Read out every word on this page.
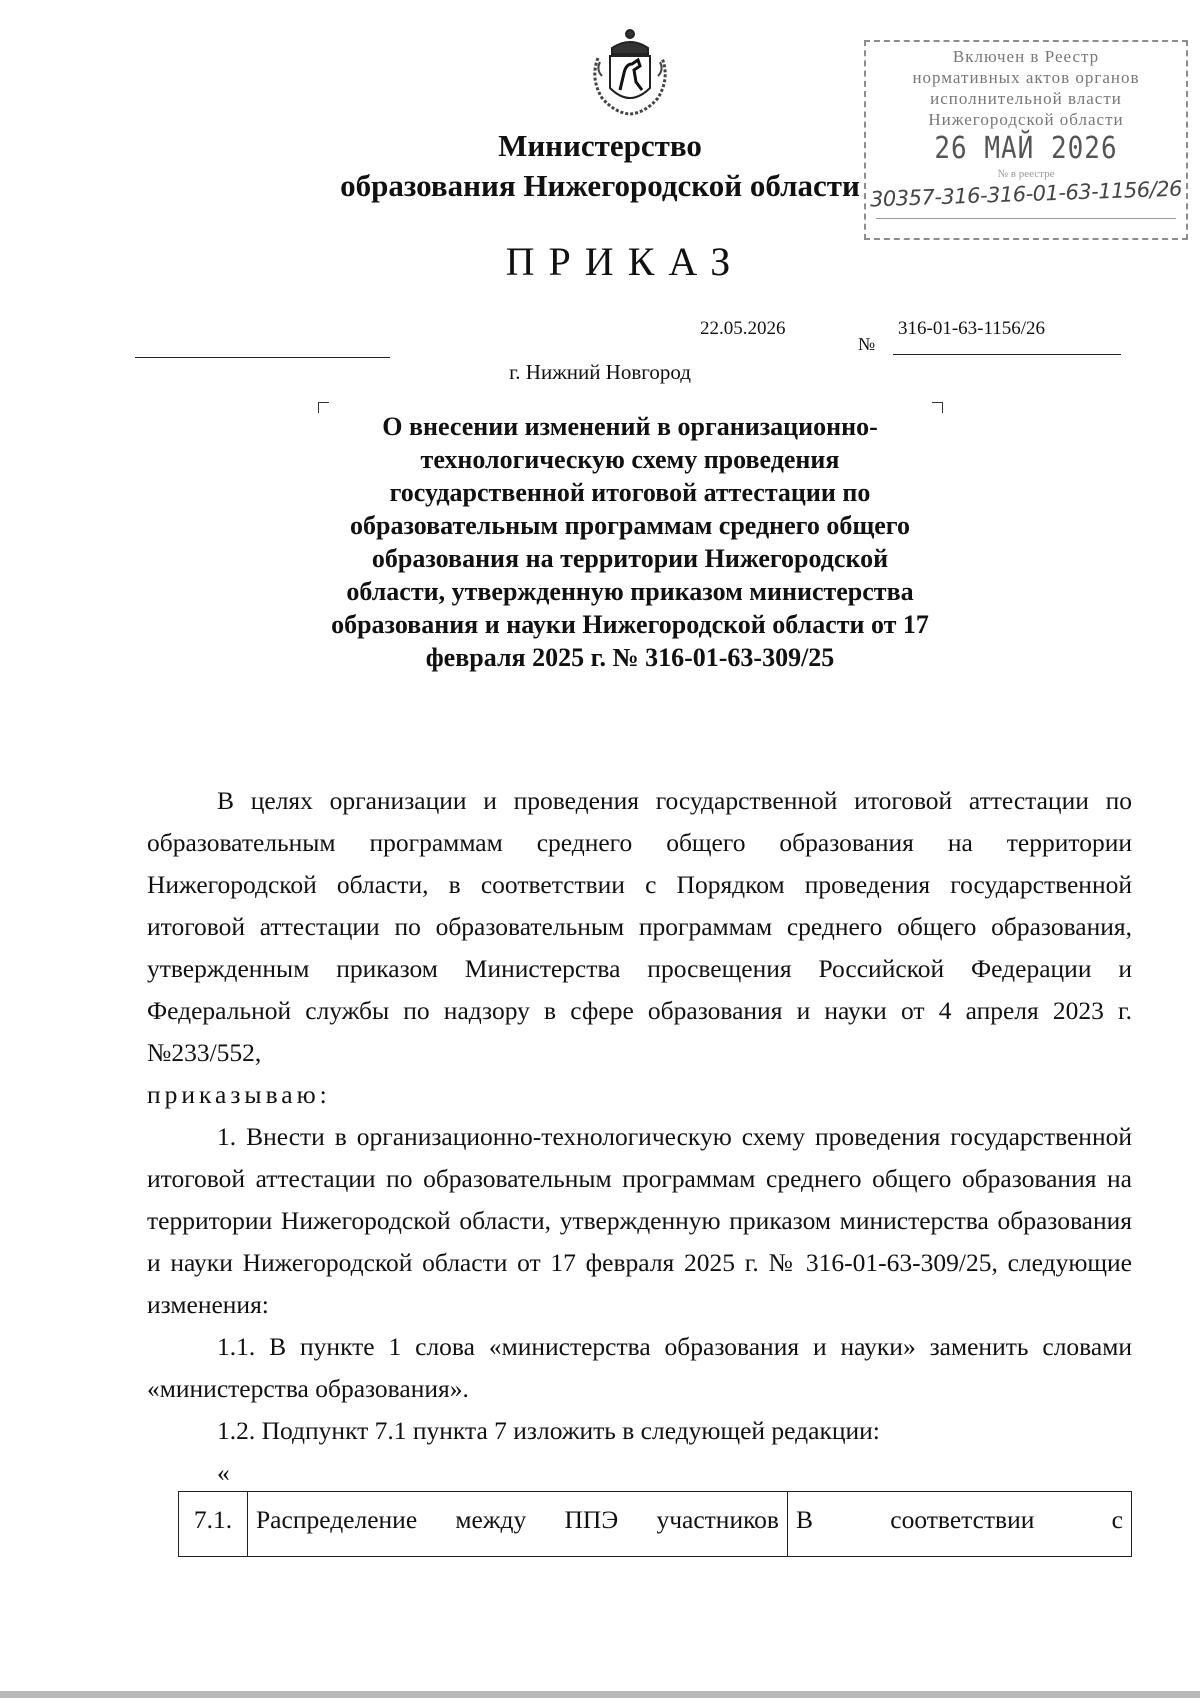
Включен в Реестр
нормативных актов органов
исполнительной власти
Нижегородской области
26 МАЙ 2026
№ в реестре
30357-316-316-01-63-1156/26
Министерство
образования Нижегородской области
ПРИКАЗ
22.05.2026
№
316-01-63-1156/26
г. Нижний Новгород
О внесении изменений в организационно-технологическую схему проведения государственной итоговой аттестации по образовательным программам среднего общего образования на территории Нижегородской области, утвержденную приказом министерства образования и науки Нижегородской области от 17 февраля 2025 г. № 316-01-63-309/25

В целях организации и проведения государственной итоговой аттестации по образовательным программам среднего общего образования на территории Нижегородской области, в соответствии с Порядком проведения государственной итоговой аттестации по образовательным программам среднего общего образования, утвержденным приказом Министерства просвещения Российской Федерации и Федеральной службы по надзору в сфере образования и науки от 4 апреля 2023 г. №233/552,

приказываю:

1. Внести в организационно-технологическую схему проведения государственной итоговой аттестации по образовательным программам среднего общего образования на территории Нижегородской области, утвержденную приказом министерства образования и науки Нижегородской области от 17 февраля 2025 г. № 316-01-63-309/25, следующие изменения:

1.1. В пункте 1 слова «министерства образования и науки» заменить словами «министерства образования».

1.2. Подпункт 7.1 пункта 7 изложить в следующей редакции:

«

7.1. Распределение между ППЭ участников В	соответствии	с
